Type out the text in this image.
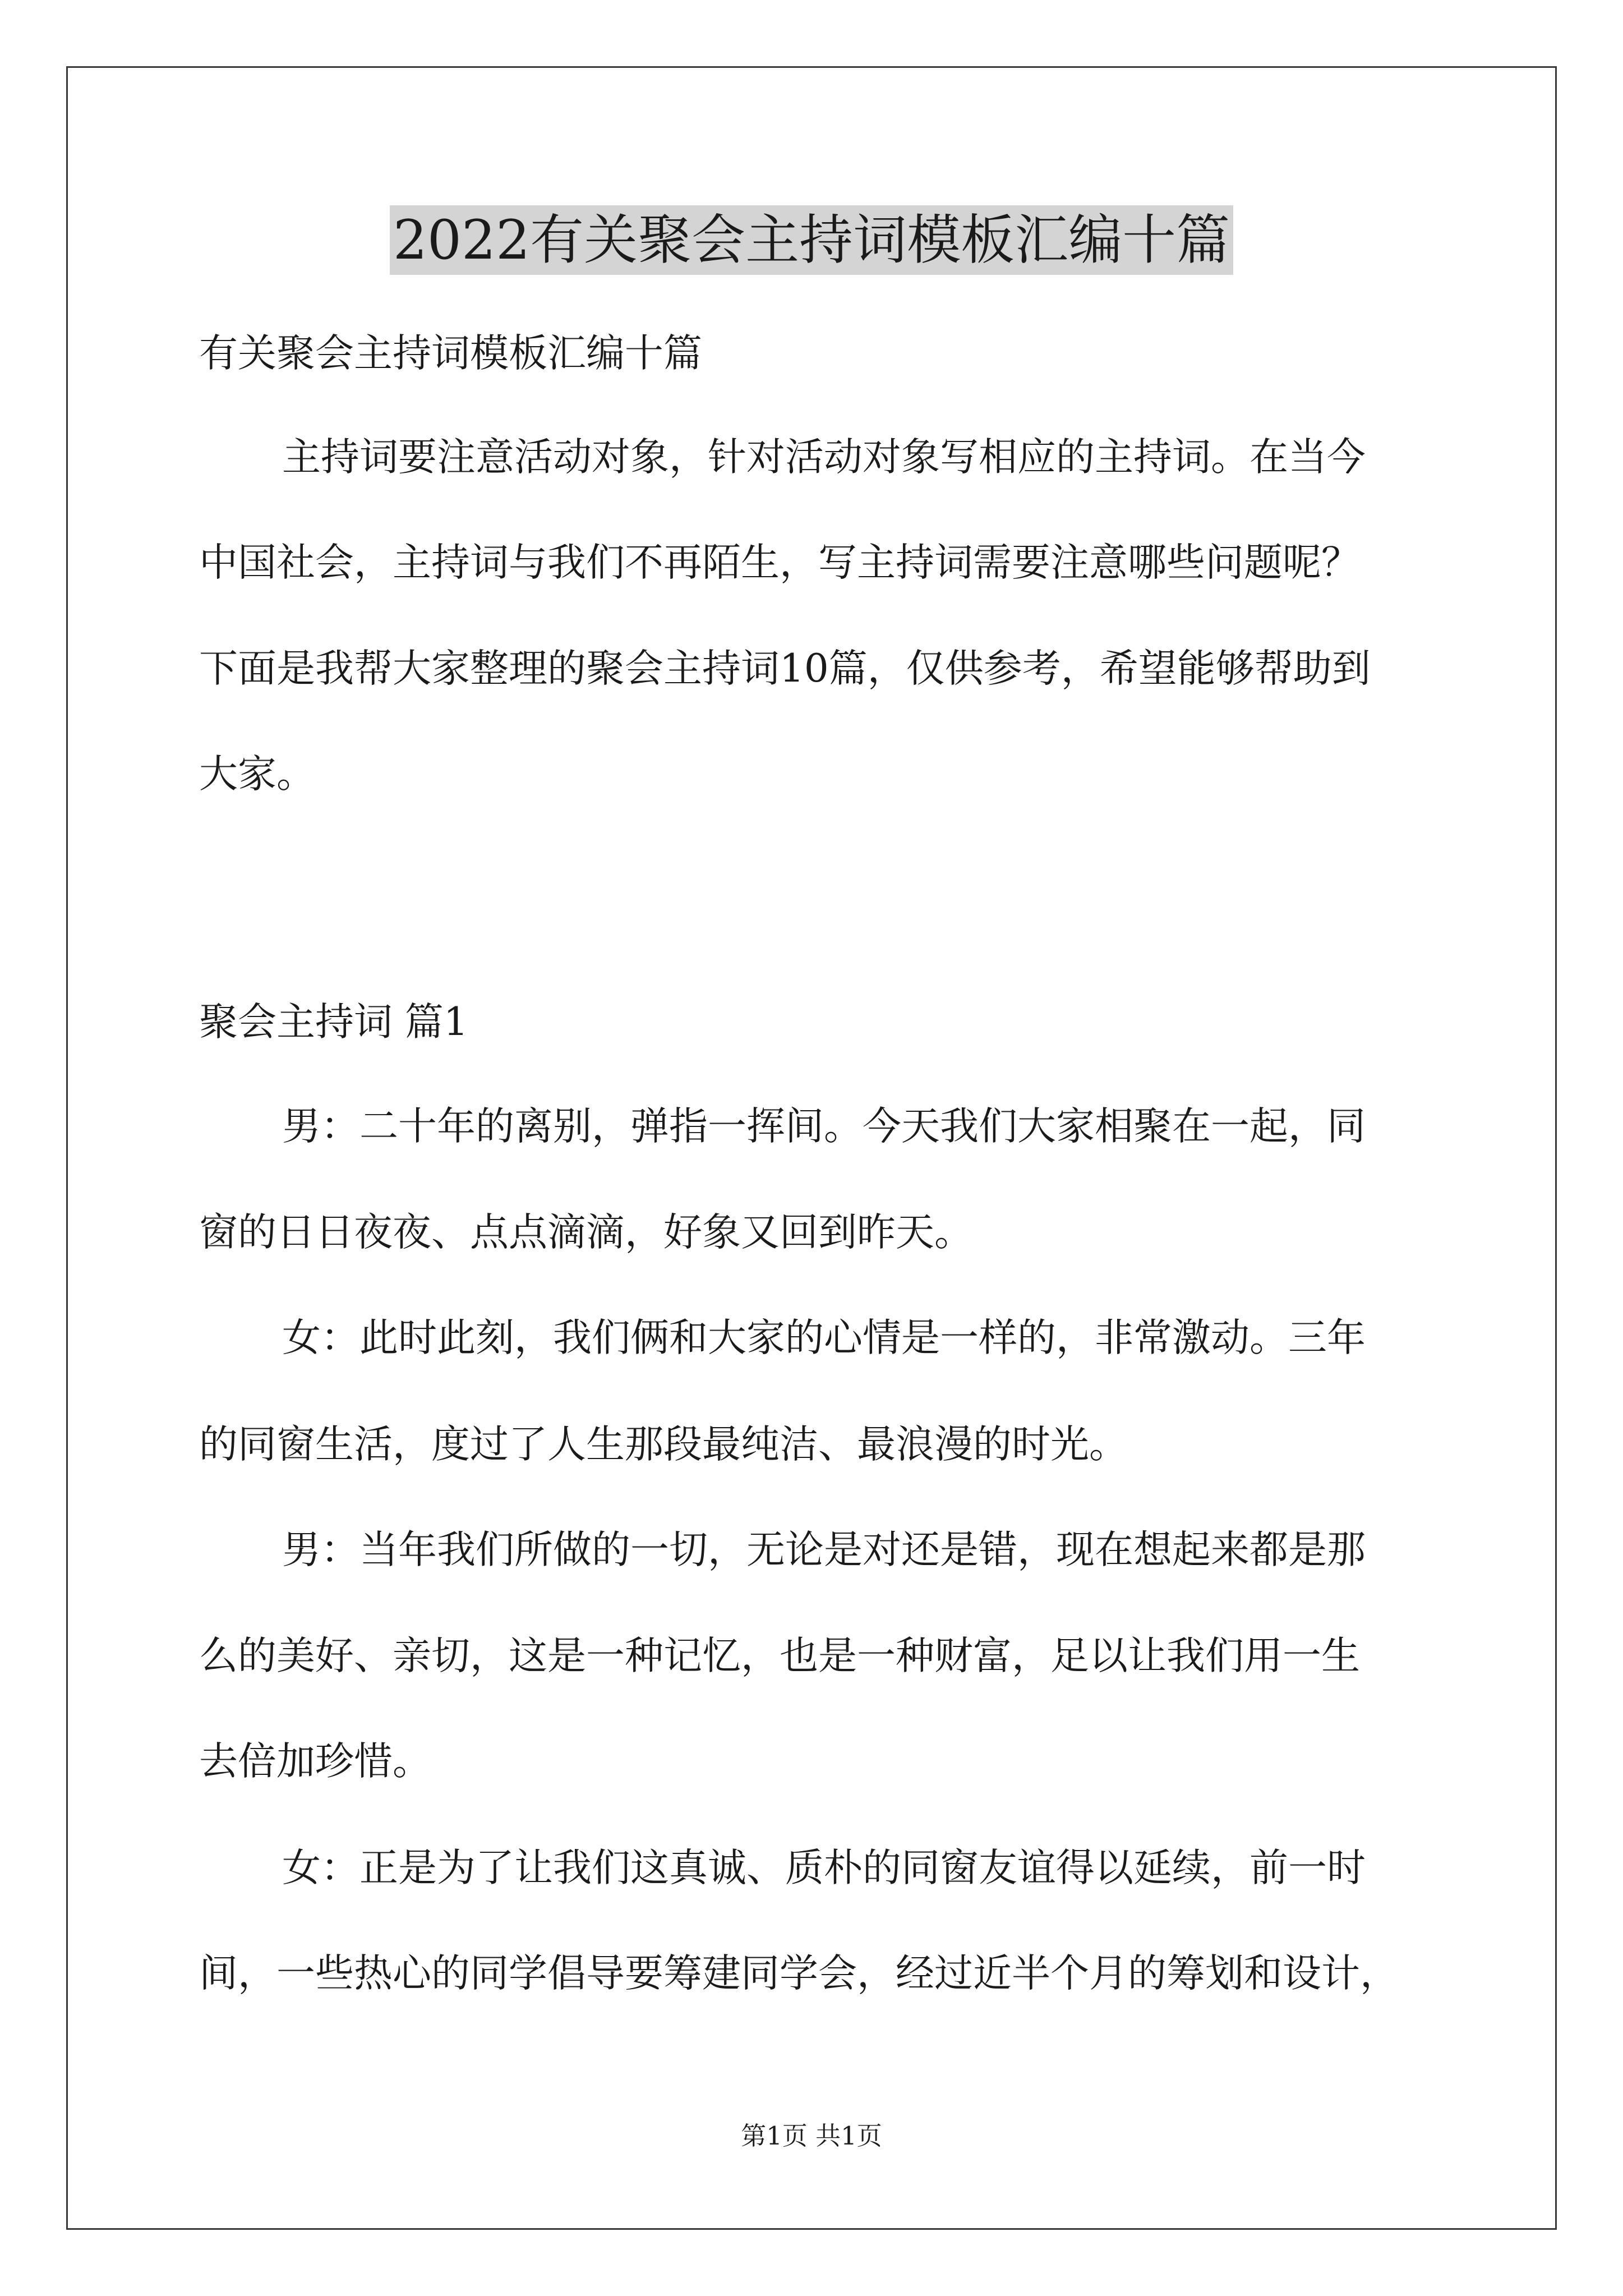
2022有关聚会主持词模板汇编十篇

有关聚会主持词模板汇编十篇

主持词要注意活动对象，针对活动对象写相应的主持词。在当今

中国社会，主持词与我们不再陌生，写主持词需要注意哪些问题呢？

下面是我帮大家整理的聚会主持词10篇，仅供参考，希望能够帮助到

大家。

聚会主持词 篇1

男：二十年的离别，弹指一挥间。今天我们大家相聚在一起，同

窗的日日夜夜、点点滴滴，好象又回到昨天。

女：此时此刻，我们俩和大家的心情是一样的，非常激动。三年

的同窗生活，度过了人生那段最纯洁、最浪漫的时光。

男：当年我们所做的一切，无论是对还是错，现在想起来都是那

么的美好、亲切，这是一种记忆，也是一种财富，足以让我们用一生

去倍加珍惜。

女：正是为了让我们这真诚、质朴的同窗友谊得以延续，前一时

间，一些热心的同学倡导要筹建同学会，经过近半个月的筹划和设计，

第1页 共1页
